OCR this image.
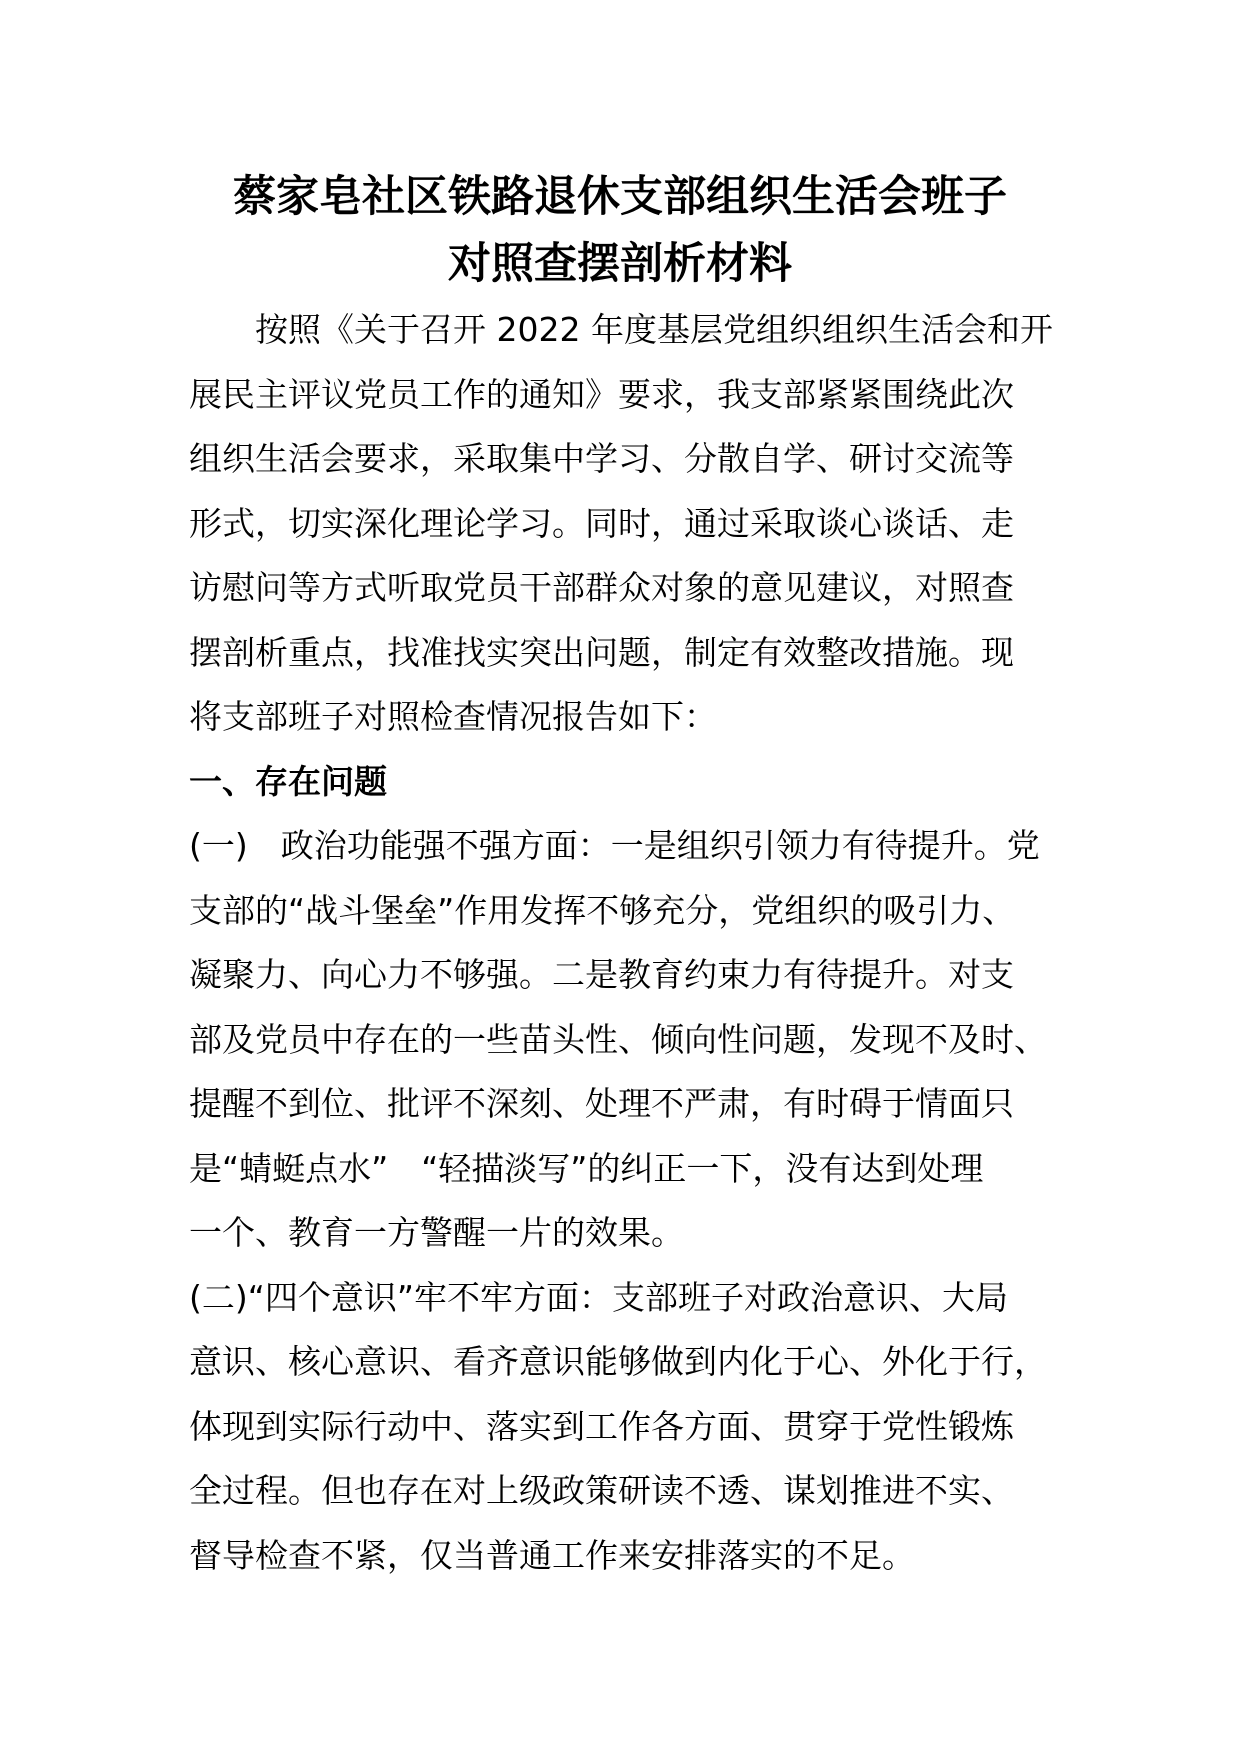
蔡家皂社区铁路退休支部组织生活会班子
对照查摆剖析材料
按照《关于召开 2022 年度基层党组织组织生活会和开
展民主评议党员工作的通知》要求，我支部紧紧围绕此次
组织生活会要求，采取集中学习、分散自学、研讨交流等
形式，切实深化理论学习。同时，通过采取谈心谈话、走
访慰问等方式听取党员干部群众对象的意见建议，对照查
摆剖析重点，找准找实突出问题，制定有效整改措施。现
将支部班子对照检查情况报告如下：
一、存在问题
(一)　政治功能强不强方面：一是组织引领力有待提升。党
支部的“战斗堡垒”作用发挥不够充分，党组织的吸引力、
凝聚力、向心力不够强。二是教育约束力有待提升。对支
部及党员中存在的一些苗头性、倾向性问题，发现不及时、
提醒不到位、批评不深刻、处理不严肃，有时碍于情面只
是“蜻蜓点水”　“轻描淡写”的纠正一下，没有达到处理
一个、教育一方警醒一片的效果。
(二)“四个意识”牢不牢方面：支部班子对政治意识、大局
意识、核心意识、看齐意识能够做到内化于心、外化于行，
体现到实际行动中、落实到工作各方面、贯穿于党性锻炼
全过程。但也存在对上级政策研读不透、谋划推进不实、
督导检查不紧，仅当普通工作来安排落实的不足。
